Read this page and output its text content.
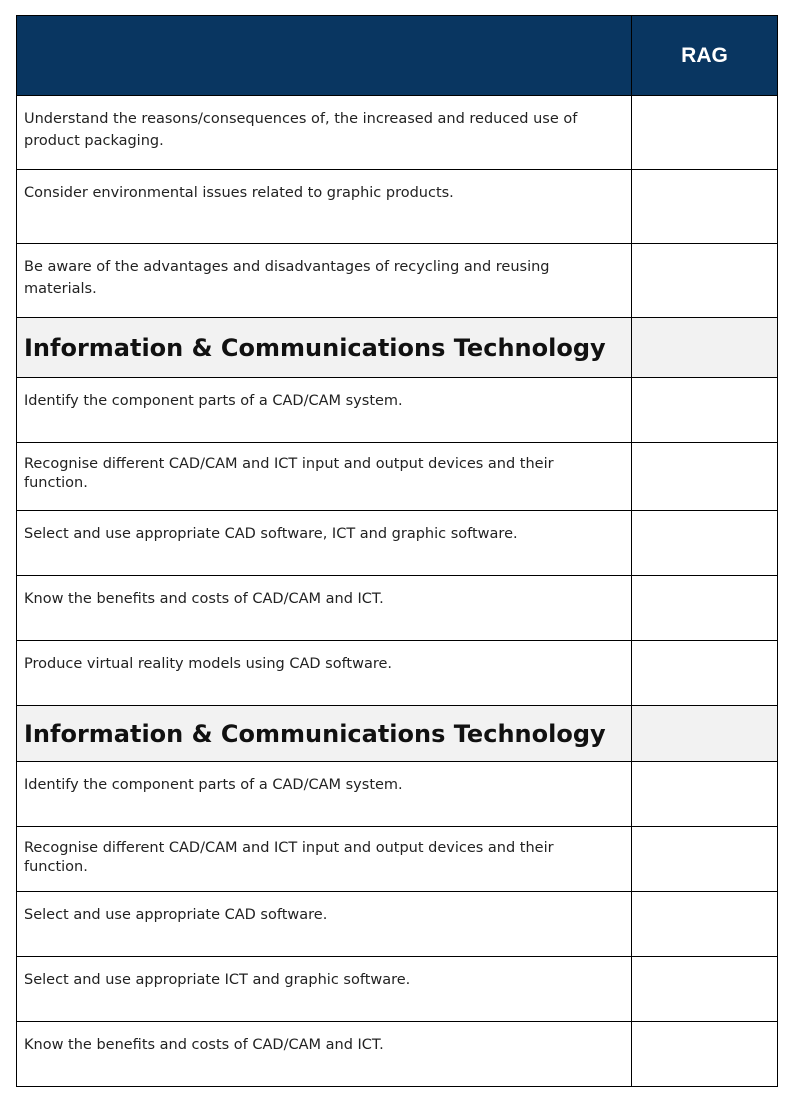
	RAG

Understand the reasons/consequences of, the increased and reduced use of product packaging.	

Consider environmental issues related to graphic products.	

Be aware of the advantages and disadvantages of recycling and reusing materials.	

Information & Communications Technology	

Identify the component parts of a CAD/CAM system.	

Recognise different CAD/CAM and ICT input and output devices and their function.	

Select and use appropriate CAD software, ICT and graphic software.	

Know the benefits and costs of CAD/CAM and ICT.	

Produce virtual reality models using CAD software.	

Information & Communications Technology	

Identify the component parts of a CAD/CAM system.	

Recognise different CAD/CAM and ICT input and output devices and their function.	

Select and use appropriate CAD software.	

Select and use appropriate ICT and graphic software.	

Know the benefits and costs of CAD/CAM and ICT.	
